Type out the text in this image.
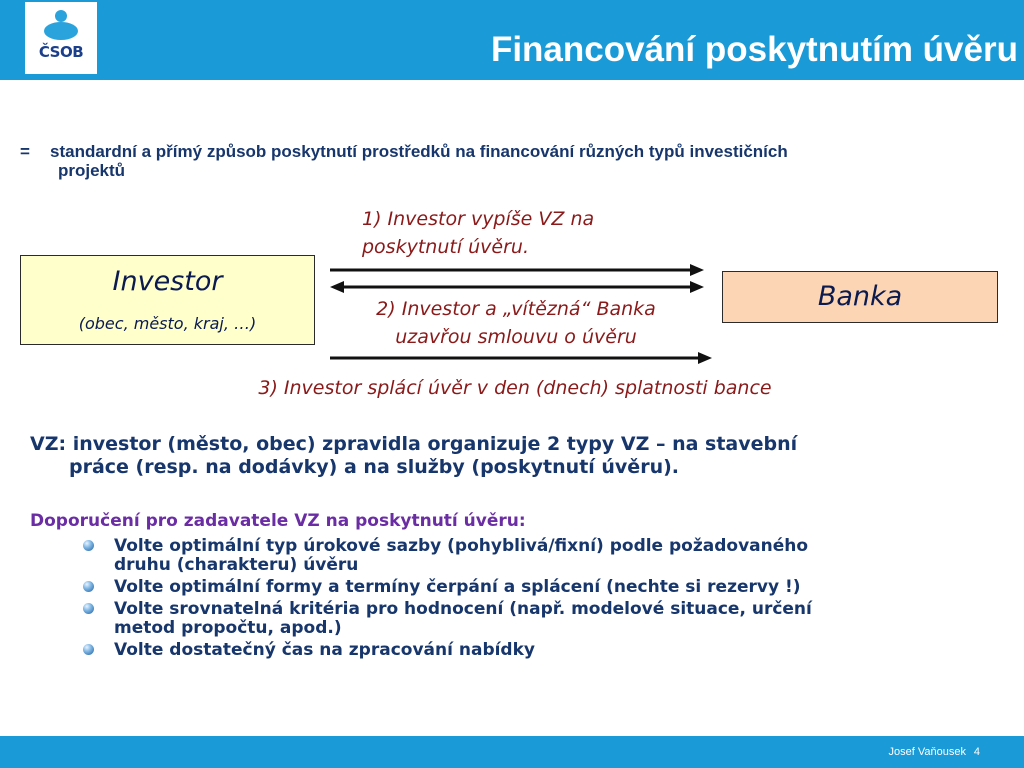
ČSOB	Financování poskytnutím úvěru
= standardní a přímý způsob poskytnutí prostředků na financování různých typů investičních
projektů
1) Investor vypíše VZ na
poskytnutí úvěru.
Investor
(obec, město, kraj, …)
Banka
2) Investor a „vítězná“ Banka
uzavřou smlouvu o úvěru
3) Investor splácí úvěr v den (dnech) splatnosti bance
VZ: investor (město, obec) zpravidla organizuje 2 typy VZ – na stavební
práce (resp. na dodávky) a na služby (poskytnutí úvěru).
Doporučení pro zadavatele VZ na poskytnutí úvěru:
Volte optimální typ úrokové sazby (pohyblivá/fixní) podle požadovaného
druhu (charakteru) úvěru
Volte optimální formy a termíny čerpání a splácení (nechte si rezervy !)
Volte srovnatelná kritéria pro hodnocení (např. modelové situace, určení
metod propočtu, apod.)
Volte dostatečný čas na zpracování nabídky
Josef Vaňousek 4
